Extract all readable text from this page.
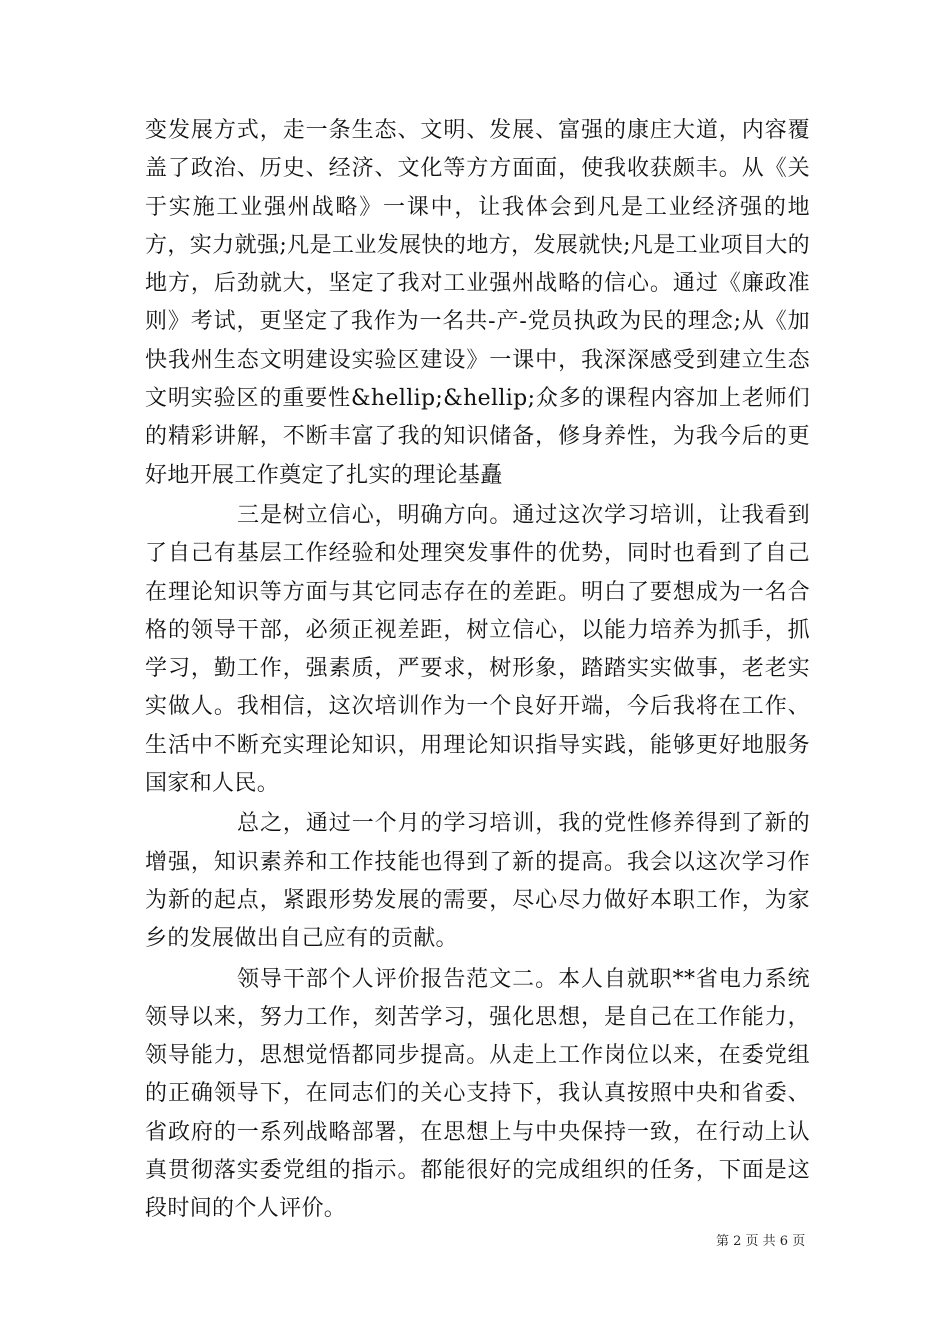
变发展方式，走一条生态、文明、发展、富强的康庄大道，内容覆盖了政治、历史、经济、文化等方方面面，使我收获颇丰。从《关于实施工业强州战略》一课中，让我体会到凡是工业经济强的地方，实力就强;凡是工业发展快的地方，发展就快;凡是工业项目大的地方，后劲就大，坚定了我对工业强州战略的信心。通过《廉政准则》考试，更坚定了我作为一名共-产-党员执政为民的理念;从《加快我州生态文明建设实验区建设》一课中，我深深感受到建立生态文明实验区的重要性&hellip;&hellip;众多的课程内容加上老师们的精彩讲解，不断丰富了我的知识储备，修身养性，为我今后的更好地开展工作奠定了扎实的理论基矗

三是树立信心，明确方向。通过这次学习培训，让我看到了自己有基层工作经验和处理突发事件的优势，同时也看到了自己在理论知识等方面与其它同志存在的差距。明白了要想成为一名合格的领导干部，必须正视差距，树立信心，以能力培养为抓手，抓学习，勤工作，强素质，严要求，树形象，踏踏实实做事，老老实实做人。我相信，这次培训作为一个良好开端，今后我将在工作、生活中不断充实理论知识，用理论知识指导实践，能够更好地服务国家和人民。

总之，通过一个月的学习培训，我的党性修养得到了新的增强，知识素养和工作技能也得到了新的提高。我会以这次学习作为新的起点，紧跟形势发展的需要，尽心尽力做好本职工作，为家乡的发展做出自己应有的贡献。

领导干部个人评价报告范文二。本人自就职**省电力系统领导以来，努力工作，刻苦学习，强化思想，是自己在工作能力，领导能力，思想觉悟都同步提高。从走上工作岗位以来，在委党组的正确领导下，在同志们的关心支持下，我认真按照中央和省委、省政府的一系列战略部署，在思想上与中央保持一致，在行动上认真贯彻落实委党组的指示。都能很好的完成组织的任务，下面是这段时间的个人评价。

第 2 页 共 6 页
